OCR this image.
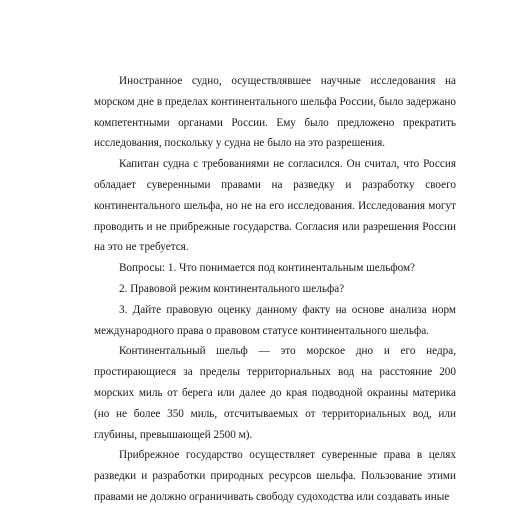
Иностранное судно, осуществлявшее научные исследования на морском дне в пределах континентального шельфа России, было задержано компетентными органами России. Ему было предложено прекратить исследования, поскольку у судна не было на это разрешения.

Капитан судна с требованиями не согласился. Он считал, что Россия обладает суверенными правами на разведку и разработку своего континентального шельфа, но не на его исследования. Исследования могут проводить и не прибрежные государства. Согласия или разрешения России на это не требуется.

Вопросы: 1. Что понимается под континентальным шельфом?

2. Правовой режим континентального шельфа?

3. Дайте правовую оценку данному факту на основе анализа норм международного права о правовом статусе континентального шельфа.

Континентальный шельф — это морское дно и его недра, простирающиеся за пределы территориальных вод на расстояние 200 морских миль от берега или далее до края подводной окраины материка (но не более 350 миль, отсчитываемых от территориальных вод, или глубины, превышающей 2500 м).

Прибрежное государство осуществляет суверенные права в целях разведки и разработки природных ресурсов шельфа. Пользование этими правами не должно ограничивать свободу судоходства или создавать иные
